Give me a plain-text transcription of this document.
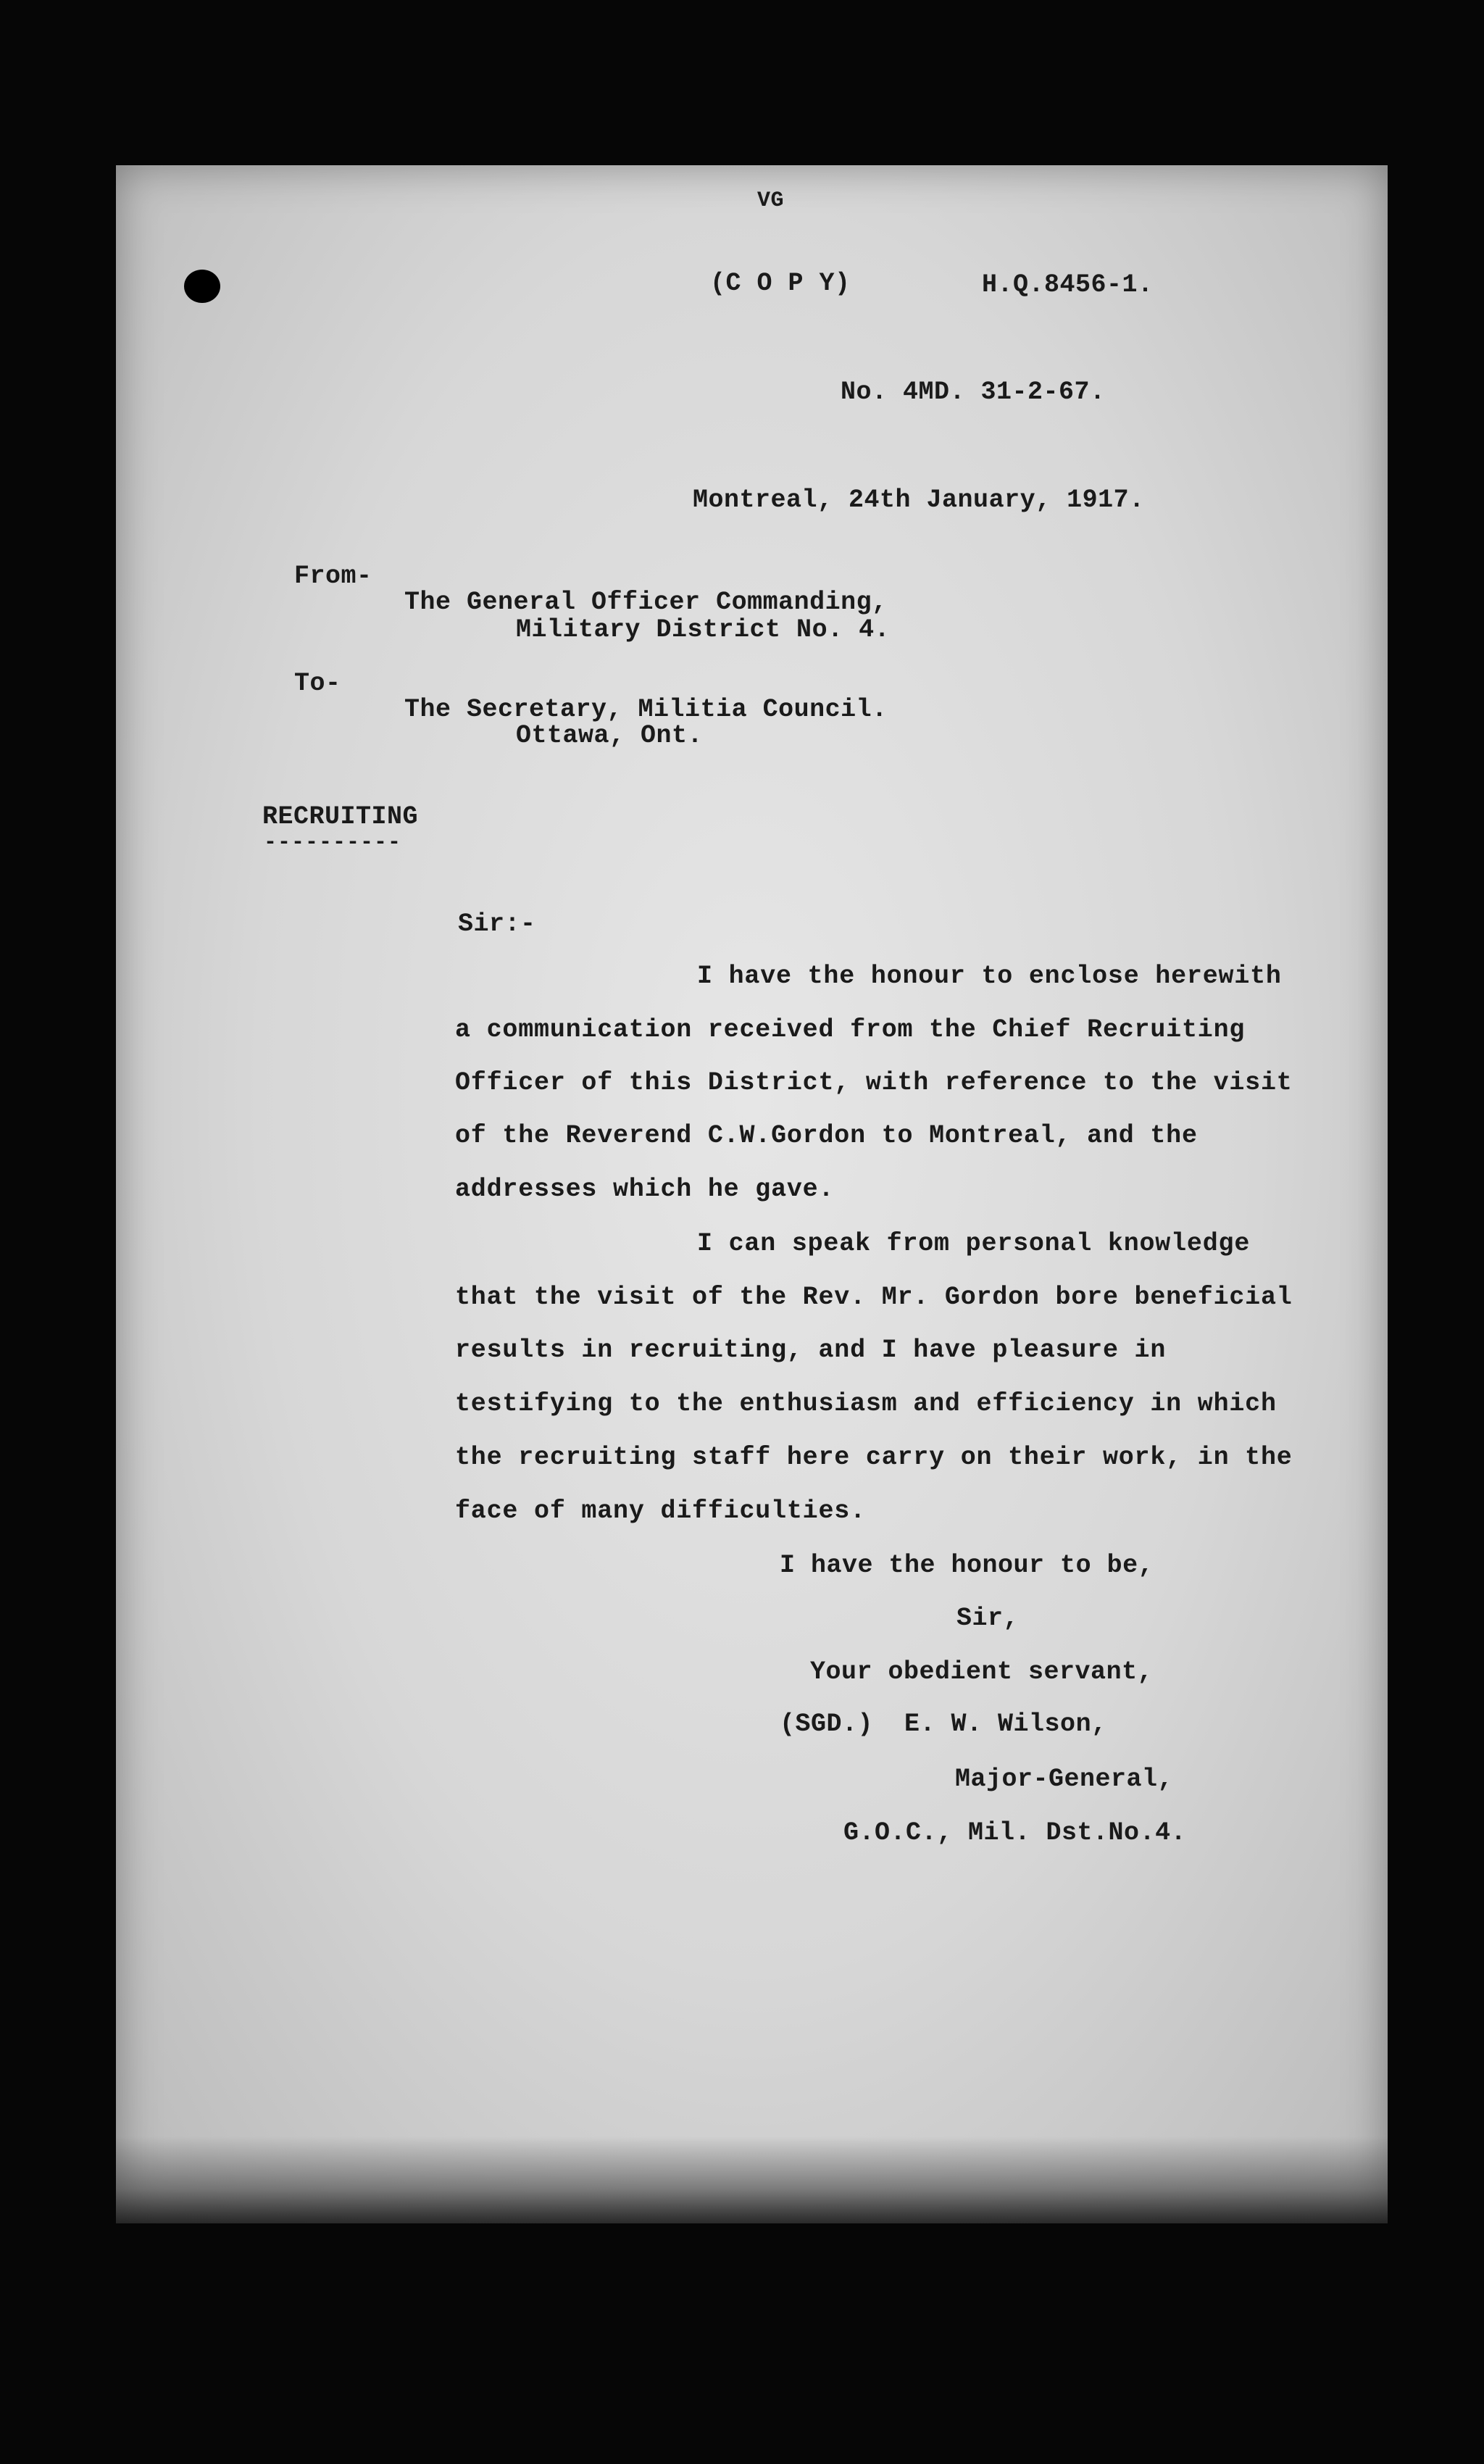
VG
(C O P Y)	H.Q.8456-1.
No. 4MD. 31-2-67.
Montreal, 24th January, 1917.
From-
The General Officer Commanding,
Military District No. 4.
To-
The Secretary, Militia Council.
Ottawa, Ont.
RECRUITING
----------
Sir:-
I have the honour to enclose herewith
a communication received from the Chief Recruiting
Officer of this District, with reference to the visit
of the Reverend C.W.Gordon to Montreal, and the
addresses which he gave.
I can speak from personal knowledge
that the visit of the Rev. Mr. Gordon bore beneficial
results in recruiting, and I have pleasure in
testifying to the enthusiasm and efficiency in which
the recruiting staff here carry on their work, in the
face of many difficulties.
I have the honour to be,
Sir,
Your obedient servant,
(SGD.)  E. W. Wilson,
Major-General,
G.O.C., Mil. Dst.No.4.
